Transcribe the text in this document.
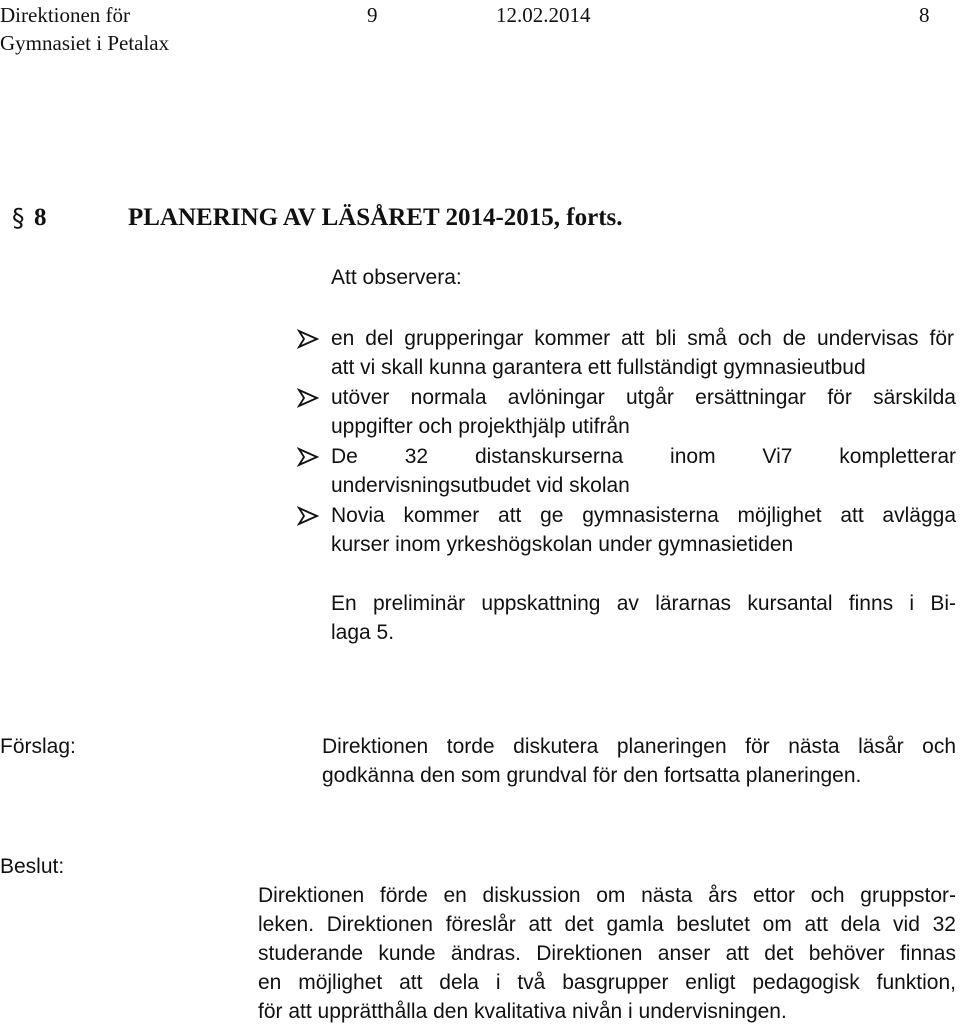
Direktionen för
Gymnasiet i Petalax
9	12.02.2014	8
§ 8	PLANERING AV LÄSÅRET 2014-2015, forts.
Att observera:
en del grupperingar kommer att bli små och de undervisas för
att vi skall kunna garantera ett fullständigt gymnasieutbud
utöver normala avlöningar utgår ersättningar för särskilda
uppgifter och projekthjälp utifrån
De 32 distanskurserna inom Vi7 kompletterar
undervisningsutbudet vid skolan
Novia kommer att ge gymnasisterna möjlighet att avlägga
kurser inom yrkeshögskolan under gymnasietiden
En preliminär uppskattning av lärarnas kursantal finns i Bi-
laga 5.
Förslag:	Direktionen torde diskutera planeringen för nästa läsår och
godkänna den som grundval för den fortsatta planeringen.
Beslut:
Direktionen förde en diskussion om nästa års ettor och gruppstor-
leken. Direktionen föreslår att det gamla beslutet om att dela vid 32
studerande kunde ändras. Direktionen anser att det behöver finnas
en möjlighet att dela i två basgrupper enligt pedagogisk funktion,
för att upprätthålla den kvalitativa nivån i undervisningen.
